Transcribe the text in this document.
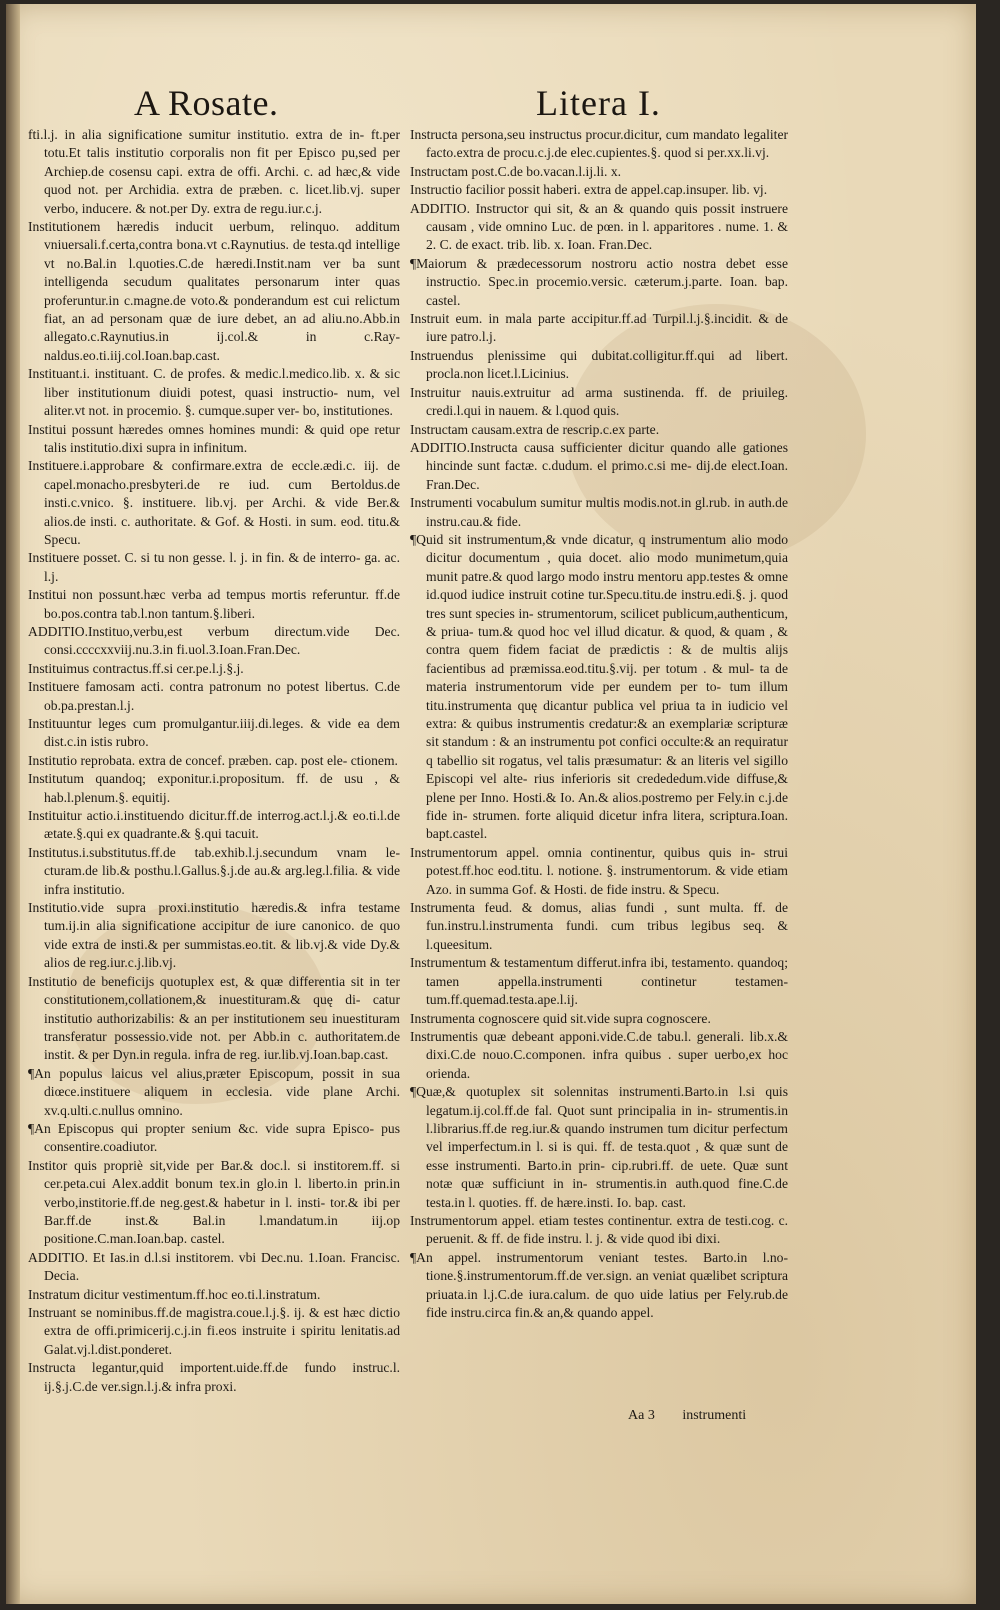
A Rosate.	Litera I.

fti.l.j. in alia significatione sumitur institutio. extra de in- ft.per totu.Et talis institutio corporalis non fit per Episco pu,sed per Archiep.de cosensu capi. extra de offi. Archi. c. ad hæc,& vide quod not. per Archidia. extra de præben. c. licet.lib.vj. super verbo, inducere. & not.per Dy. extra de regu.iur.c.j.

Institutionem hæredis inducit uerbum, relinquo. additum vniuersali.f.certa,contra bona.vt c.Raynutius. de testa.qd intellige vt no.Bal.in l.quoties.C.de hæredi.Instit.nam ver ba sunt intelligenda secudum qualitates personarum inter quas proferuntur.in c.magne.de voto.& ponderandum est cui relictum fiat, an ad personam quæ de iure debet, an ad aliu.no.Abb.in allegato.c.Raynutius.in ij.col.& in c.Ray- naldus.eo.ti.iij.col.Ioan.bap.cast.

Instituant.i. instituant. C. de profes. & medic.l.medico.lib. x. & sic liber institutionum diuidi potest, quasi instructio- num, vel aliter.vt not. in procemio. §. cumque.super ver- bo, institutiones.

Institui possunt hæredes omnes homines mundi: & quid ope retur talis institutio.dixi supra in infinitum.

Instituere.i.approbare & confirmare.extra de eccle.ædi.c. iij. de capel.monacho.presbyteri.de re iud. cum Bertoldus.de insti.c.vnico. §. instituere. lib.vj. per Archi. & vide Ber.& alios.de insti. c. authoritate. & Gof. & Hosti. in sum. eod. titu.& Specu.

Instituere posset. C. si tu non gesse. l. j. in fin. & de interro- ga. ac. l.j.

Institui non possunt.hæc verba ad tempus mortis referuntur. ff.de bo.pos.contra tab.l.non tantum.§.liberi.

ADDITIO.Instituo,verbu,est verbum directum.vide Dec. consi.ccccxxviij.nu.3.in fi.uol.3.Ioan.Fran.Dec.

Instituimus contractus.ff.si cer.pe.l.j.§.j.

Instituere famosam acti. contra patronum no potest libertus. C.de ob.pa.prestan.l.j.

Instituuntur leges cum promulgantur.iiij.di.leges. & vide ea dem dist.c.in istis rubro.

Institutio reprobata. extra de concef. præben. cap. post ele- ctionem.

Institutum quandoq; exponitur.i.propositum. ff. de usu , & hab.l.plenum.§. equitij.

Instituitur actio.i.instituendo dicitur.ff.de interrog.act.l.j.& eo.ti.l.de ætate.§.qui ex quadrante.& §.qui tacuit.

Institutus.i.substitutus.ff.de tab.exhib.l.j.secundum vnam le- cturam.de lib.& posthu.l.Gallus.§.j.de au.& arg.leg.l.filia. & vide infra institutio.

Institutio.vide supra proxi.institutio hæredis.& infra testame tum.ij.in alia significatione accipitur de iure canonico. de quo vide extra de insti.& per summistas.eo.tit. & lib.vj.& vide Dy.& alios de reg.iur.c.j.lib.vj.

Institutio de beneficijs quotuplex est, & quæ differentia sit in ter constitutionem,collationem,& inuestituram.& quę di- catur institutio authorizabilis: & an per institutionem seu inuestituram transferatur possessio.vide not. per Abb.in c. authoritatem.de instit. & per Dyn.in regula. infra de reg. iur.lib.vj.Ioan.bap.cast.

¶An populus laicus vel alius,præter Episcopum, possit in sua diœce.instituere aliquem in ecclesia. vide plane Archi. xv.q.ulti.c.nullus omnino.

¶An Episcopus qui propter senium &c. vide supra Episco- pus consentire.coadiutor.

Institor quis propriè sit,vide per Bar.& doc.l. si institorem.ff. si cer.peta.cui Alex.addit bonum tex.in glo.in l. liberto.in prin.in verbo,institorie.ff.de neg.gest.& habetur in l. insti- tor.& ibi per Bar.ff.de inst.& Bal.in l.mandatum.in iij.op positione.C.man.Ioan.bap. castel.

ADDITIO. Et Ias.in d.l.si institorem. vbi Dec.nu. 1.Ioan. Francisc. Decia.

Instratum dicitur vestimentum.ff.hoc eo.ti.l.instratum.

Instruant se nominibus.ff.de magistra.coue.l.j.§. ij. & est hæc dictio extra de offi.primicerij.c.j.in fi.eos instruite i spiritu lenitatis.ad Galat.vj.l.dist.ponderet.

Instructa legantur,quid importent.uide.ff.de fundo instruc.l. ij.§.j.C.de ver.sign.l.j.& infra proxi.

Instructa persona,seu instructus procur.dicitur, cum mandato legaliter facto.extra de procu.c.j.de elec.cupientes.§. quod si per.xx.li.vj.

Instructam post.C.de bo.vacan.l.ij.li. x.

Instructio facilior possit haberi. extra de appel.cap.insuper. lib. vj.

ADDITIO. Instructor qui sit, & an & quando quis possit instruere causam , vide omnino Luc. de pœn. in l. apparitores . nume. 1. & 2. C. de exact. trib. lib. x. Ioan. Fran.Dec.

¶Maiorum & prædecessorum nostroru actio nostra debet esse instructio. Spec.in procemio.versic. cæterum.j.parte. Ioan. bap. castel.

Instruit eum. in mala parte accipitur.ff.ad Turpil.l.j.§.incidit. & de iure patro.l.j.

Instruendus plenissime qui dubitat.colligitur.ff.qui ad libert. procla.non licet.l.Licinius.

Instruitur nauis.extruitur ad arma sustinenda. ff. de priuileg. credi.l.qui in nauem. & l.quod quis.

Instructam causam.extra de rescrip.c.ex parte.

ADDITIO.Instructa causa sufficienter dicitur quando alle gationes hincinde sunt factæ. c.dudum. el primo.c.si me- dij.de elect.Ioan. Fran.Dec.

Instrumenti vocabulum sumitur multis modis.not.in gl.rub. in auth.de instru.cau.& fide.

¶Quid sit instrumentum,& vnde dicatur, q instrumentum alio modo dicitur documentum , quia docet. alio modo munimetum,quia munit patre.& quod largo modo instru mentoru app.testes & omne id.quod iudice instruit cotine tur.Specu.titu.de instru.edi.§. j. quod tres sunt species in- strumentorum, scilicet publicum,authenticum, & priua- tum.& quod hoc vel illud dicatur. & quod, & quam , & contra quem fidem faciat de prædictis : & de multis alijs facientibus ad præmissa.eod.titu.§.vij. per totum . & mul- ta de materia instrumentorum vide per eundem per to- tum illum titu.instrumenta quę dicantur publica vel priua ta in iudicio vel extra: & quibus instrumentis credatur:& an exemplariæ scripturæ sit standum : & an instrumentu pot confici occulte:& an requiratur q tabellio sit rogatus, vel talis præsumatur: & an literis vel sigillo Episcopi vel alte- rius inferioris sit credededum.vide diffuse,& plene per Inno. Hosti.& Io. An.& alios.postremo per Fely.in c.j.de fide in- strumen. forte aliquid dicetur infra litera, scriptura.Ioan. bapt.castel.

Instrumentorum appel. omnia continentur, quibus quis in- strui potest.ff.hoc eod.titu. l. notione. §. instrumentorum. & vide etiam Azo. in summa Gof. & Hosti. de fide instru. & Specu.

Instrumenta feud. & domus, alias fundi , sunt multa. ff. de fun.instru.l.instrumenta fundi. cum tribus legibus seq. & l.queesitum.

Instrumentum & testamentum differut.infra ibi, testamento. quandoq; tamen appella.instrumenti continetur testamen- tum.ff.quemad.testa.ape.l.ij.

Instrumenta cognoscere quid sit.vide supra cognoscere.

Instrumentis quæ debeant apponi.vide.C.de tabu.l. generali. lib.x.& dixi.C.de nouo.C.componen. infra quibus . super uerbo,ex hoc orienda.

¶Quæ,& quotuplex sit solennitas instrumenti.Barto.in l.si quis legatum.ij.col.ff.de fal. Quot sunt principalia in in- strumentis.in l.librarius.ff.de reg.iur.& quando instrumen tum dicitur perfectum vel imperfectum.in l. si is qui. ff. de testa.quot , & quæ sunt de esse instrumenti. Barto.in prin- cip.rubri.ff. de uete. Quæ sunt notæ quæ sufficiunt in in- strumentis.in auth.quod fine.C.de testa.in l. quoties. ff. de hære.insti. Io. bap. cast.

Instrumentorum appel. etiam testes continentur. extra de testi.cog. c. peruenit. & ff. de fide instru. l. j. & vide quod ibi dixi.

¶An appel. instrumentorum veniant testes. Barto.in l.no- tione.§.instrumentorum.ff.de ver.sign. an veniat quælibet scriptura priuata.in l.j.C.de iura.calum. de quo uide latius per Fely.rub.de fide instru.circa fin.& an,& quando appel.

Aa 3 instrumenti
